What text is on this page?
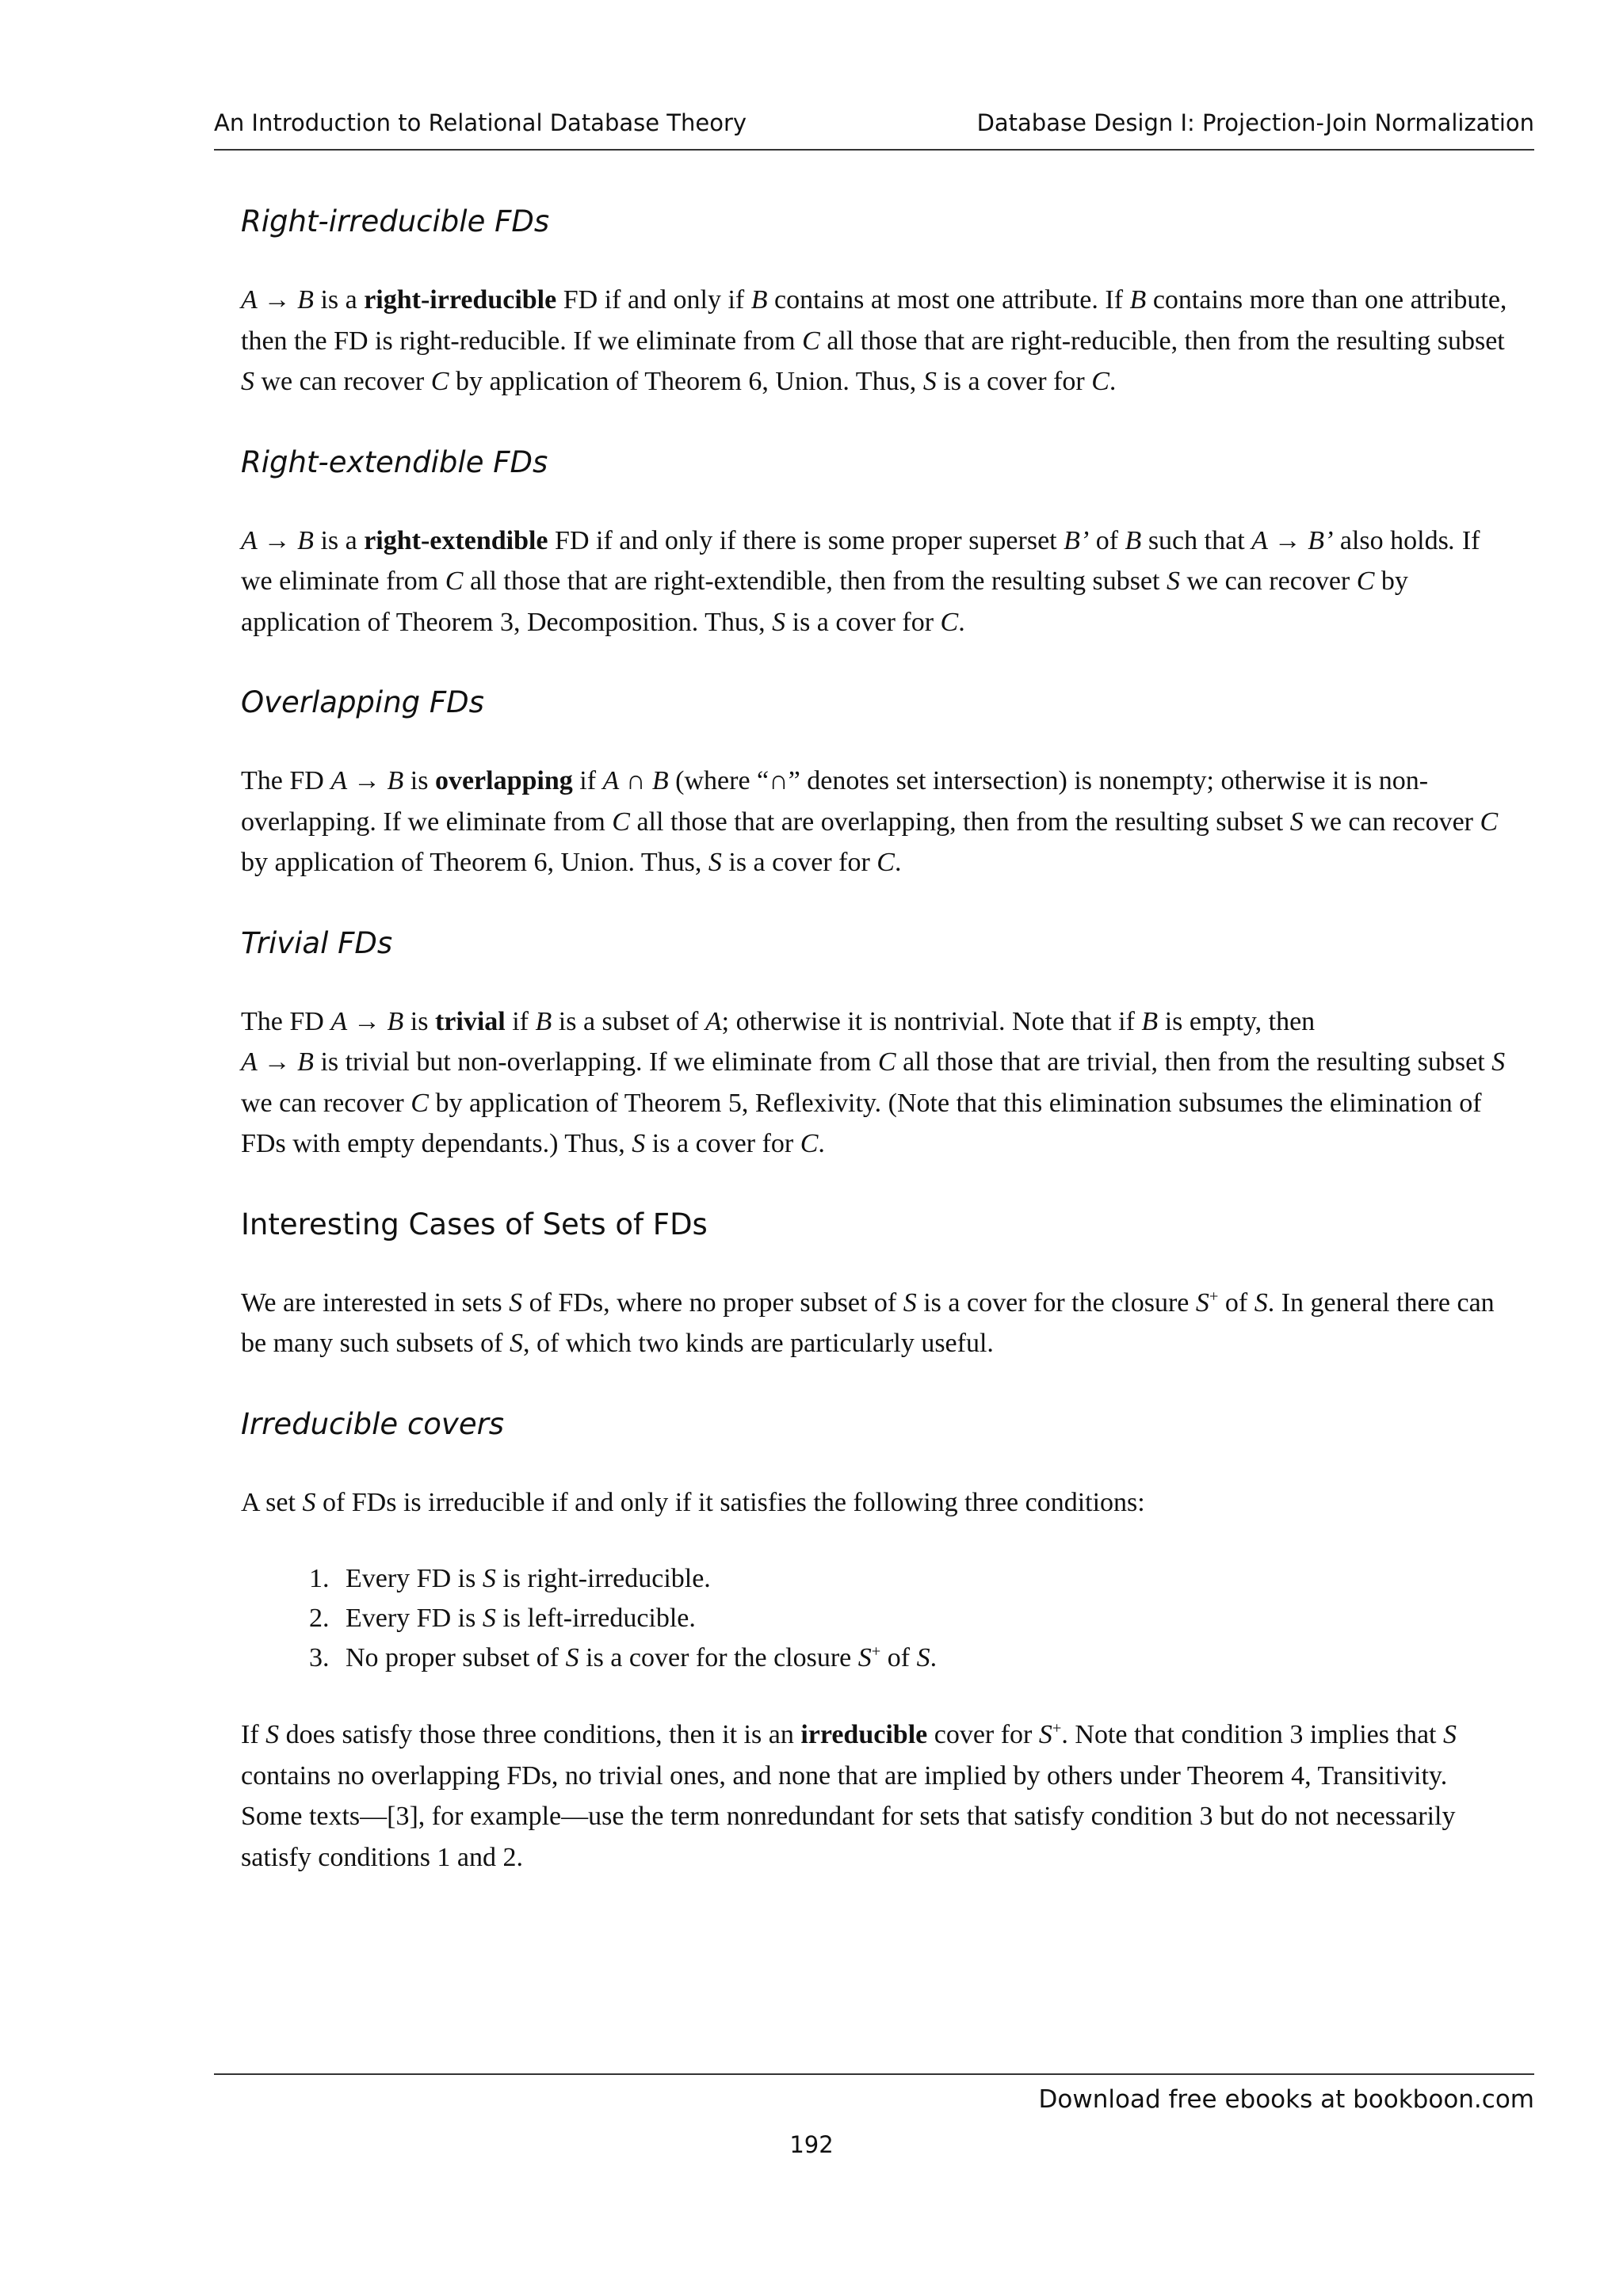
An Introduction to Relational Database Theory	Database Design I: Projection-Join Normalization
Right-irreducible FDs

A → B is a right-irreducible FD if and only if B contains at most one attribute. If B contains more than one attribute, then the FD is right-reducible. If we eliminate from C all those that are right-reducible, then from the resulting subset S we can recover C by application of Theorem 6, Union. Thus, S is a cover for C.

Right-extendible FDs

A → B is a right-extendible FD if and only if there is some proper superset B’ of B such that A → B’ also holds. If we eliminate from C all those that are right-extendible, then from the resulting subset S we can recover C by application of Theorem 3, Decomposition. Thus, S is a cover for C.

Overlapping FDs

The FD A → B is overlapping if A ∩ B (where “∩” denotes set intersection) is nonempty; otherwise it is non-overlapping. If we eliminate from C all those that are overlapping, then from the resulting subset S we can recover C by application of Theorem 6, Union. Thus, S is a cover for C.

Trivial FDs

The FD A → B is trivial if B is a subset of A; otherwise it is nontrivial. Note that if B is empty, then
A → B is trivial but non-overlapping. If we eliminate from C all those that are trivial, then from the resulting subset S we can recover C by application of Theorem 5, Reflexivity. (Note that this elimination subsumes the elimination of FDs with empty dependants.) Thus, S is a cover for C.

Interesting Cases of Sets of FDs

We are interested in sets S of FDs, where no proper subset of S is a cover for the closure S+ of S. In general there can be many such subsets of S, of which two kinds are particularly useful.

Irreducible covers

A set S of FDs is irreducible if and only if it satisfies the following three conditions:

1. Every FD is S is right-irreducible.
2. Every FD is S is left-irreducible.
3. No proper subset of S is a cover for the closure S+ of S.

If S does satisfy those three conditions, then it is an irreducible cover for S+. Note that condition 3 implies that S contains no overlapping FDs, no trivial ones, and none that are implied by others under Theorem 4, Transitivity. Some texts—[3], for example—use the term nonredundant for sets that satisfy condition 3 but do not necessarily satisfy conditions 1 and 2.

Download free ebooks at bookboon.com
192
